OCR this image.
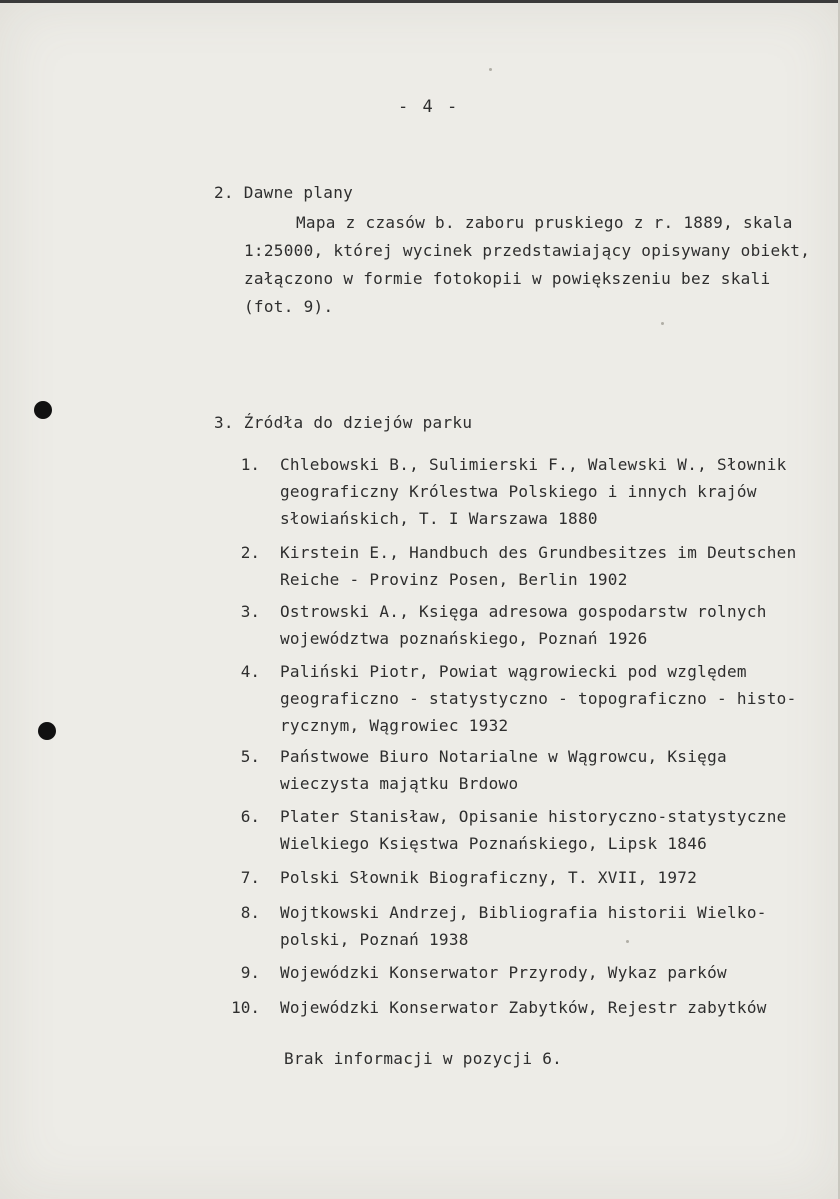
- 4 -
2. Dawne plany
Mapa z czasów b. zaboru pruskiego z r. 1889, skala
1:25000, której wycinek przedstawiający opisywany obiekt,
załączono w formie fotokopii w powiększeniu bez skali
(fot. 9).
3. Źródła do dziejów parku
1. Chlebowski B., Sulimierski F., Walewski W., Słownik
geograficzny Królestwa Polskiego i innych krajów
słowiańskich, T. I Warszawa 1880
2. Kirstein E., Handbuch des Grundbesitzes im Deutschen
Reiche - Provinz Posen, Berlin 1902
3. Ostrowski A., Księga adresowa gospodarstw rolnych
województwa poznańskiego, Poznań 1926
4. Paliński Piotr, Powiat wągrowiecki pod względem
geograficzno - statystyczno - topograficzno - histo-
rycznym, Wągrowiec 1932
5. Państwowe Biuro Notarialne w Wągrowcu, Księga
wieczysta majątku Brdowo
6. Plater Stanisław, Opisanie historyczno-statystyczne
Wielkiego Księstwa Poznańskiego, Lipsk 1846
7. Polski Słownik Biograficzny, T. XVII, 1972
8. Wojtkowski Andrzej, Bibliografia historii Wielko-
polski, Poznań 1938
9. Wojewódzki Konserwator Przyrody, Wykaz parków
10. Wojewódzki Konserwator Zabytków, Rejestr zabytków
Brak informacji w pozycji 6.
